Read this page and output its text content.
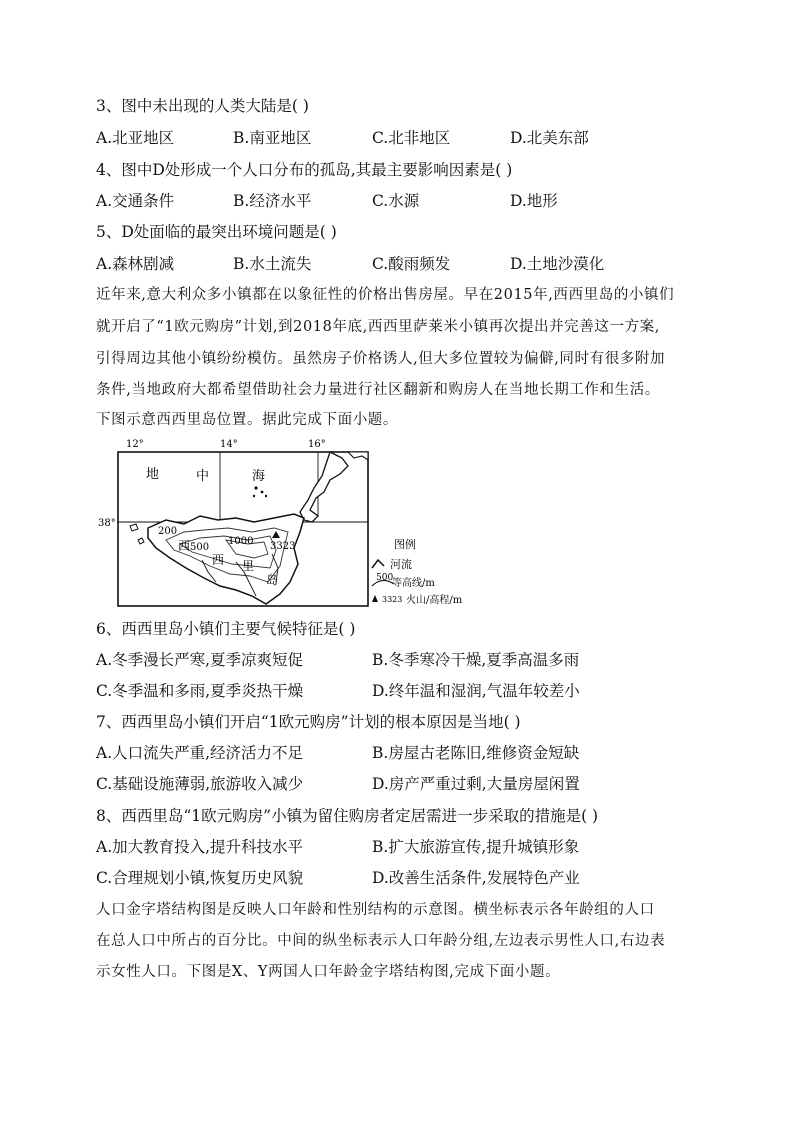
3、图中未出现的人类大陆是( )
A.北亚地区	B.南亚地区	C.北非地区	D.北美东部
4、图中D处形成一个人口分布的孤岛,其最主要影响因素是( )
A.交通条件	B.经济水平	C.水源	D.地形
5、D处面临的最突出环境问题是( )
A.森林剧减	B.水土流失	C.酸雨频发	D.土地沙漠化
近年来,意大利众多小镇都在以象征性的价格出售房屋。早在2015年,西西里岛的小镇们
就开启了“1欧元购房”计划,到2018年底,西西里萨莱米小镇再次提出并完善这一方案,
引得周边其他小镇纷纷模仿。虽然房子价格诱人,但大多位置较为偏僻,同时有很多附加
条件,当地政府大都希望借助社会力量进行社区翻新和购房人在当地长期工作和生活。
下图示意西西里岛位置。据此完成下面小题。
12°	14°	16°
38°
地	中	海
200
500
1000 3323
西
西 里
岛
图例
河流
500
等高线/m
3323 火山/高程/m
6、西西里岛小镇们主要气候特征是( )
A.冬季漫长严寒,夏季凉爽短促	B.冬季寒冷干燥,夏季高温多雨
C.冬季温和多雨,夏季炎热干燥	D.终年温和湿润,气温年较差小
7、西西里岛小镇们开启“1欧元购房”计划的根本原因是当地( )
A.人口流失严重,经济活力不足	B.房屋古老陈旧,维修资金短缺
C.基础设施薄弱,旅游收入减少	D.房产严重过剩,大量房屋闲置
8、西西里岛“1欧元购房”小镇为留住购房者定居需进一步采取的措施是( )
A.加大教育投入,提升科技水平	B.扩大旅游宣传,提升城镇形象
C.合理规划小镇,恢复历史风貌	D.改善生活条件,发展特色产业
人口金字塔结构图是反映人口年龄和性别结构的示意图。横坐标表示各年龄组的人口
在总人口中所占的百分比。中间的纵坐标表示人口年龄分组,左边表示男性人口,右边表
示女性人口。下图是X、Y两国人口年龄金字塔结构图,完成下面小题。
